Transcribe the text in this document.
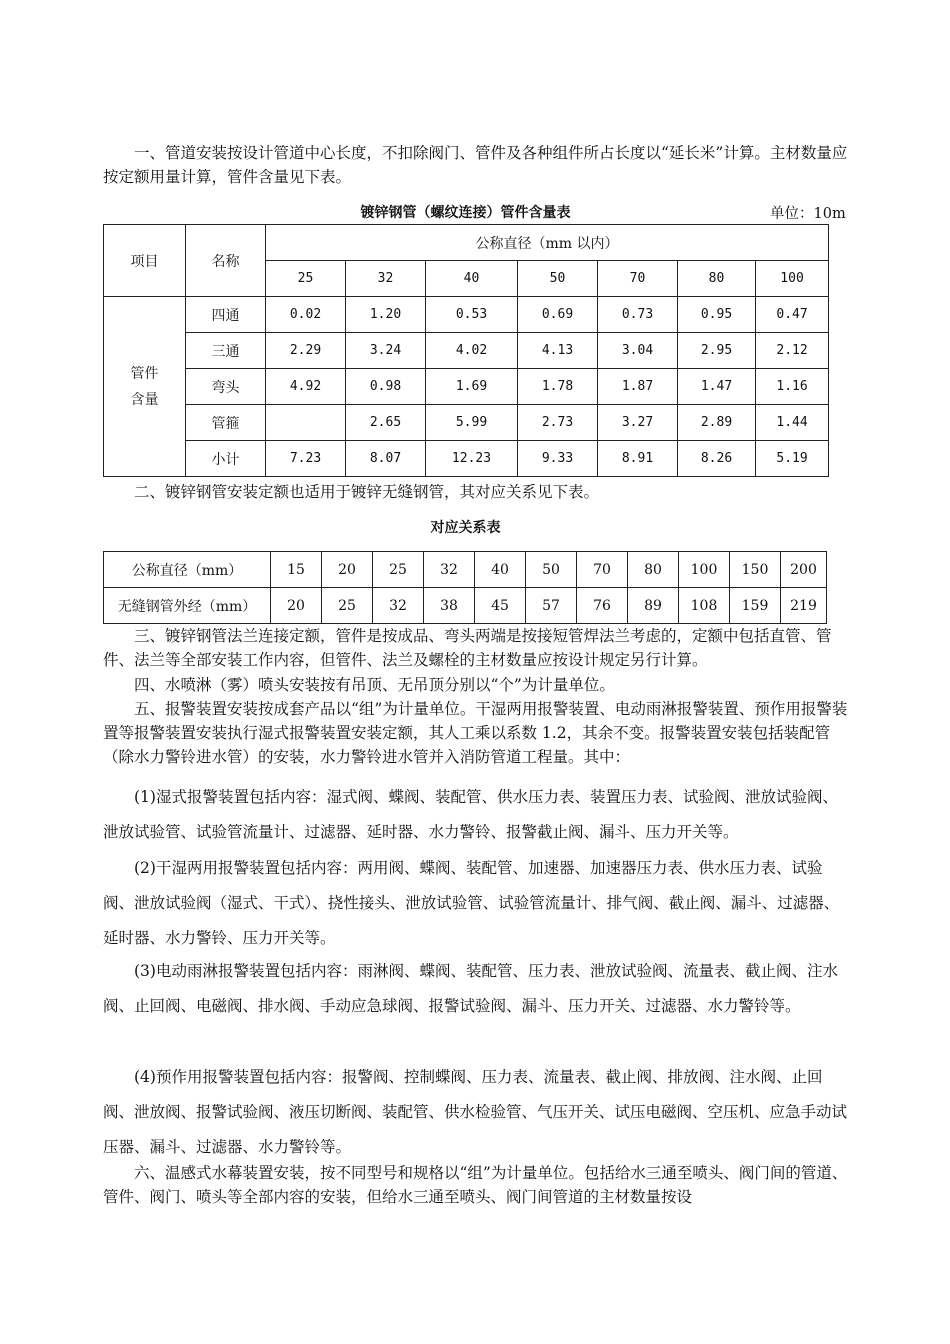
一、管道安装按设计管道中心长度，不扣除阀门、管件及各种组件所占长度以“延长米”计算。主材数量应按定额用量计算，管件含量见下表。

镀锌钢管（螺纹连接）管件含量表	单位：10m
项目	名称	公称直径（mm 以内）						
		25	32	40	50	70	80	100
管件含量	四通	0.02	1.20	0.53	0.69	0.73	0.95	0.47
	三通	2.29	3.24	4.02	4.13	3.04	2.95	2.12
	弯头	4.92	0.98	1.69	1.78	1.87	1.47	1.16
	管箍		2.65	5.99	2.73	3.27	2.89	1.44
	小计	7.23	8.07	12.23	9.33	8.91	8.26	5.19

二、镀锌钢管安装定额也适用于镀锌无缝钢管，其对应关系见下表。

对应关系表
公称直径（mm）	15	20	25	32	40	50	70	80	100	150	200
无缝钢管外经（mm）	20	25	32	38	45	57	76	89	108	159	219

三、镀锌钢管法兰连接定额，管件是按成品、弯头两端是按接短管焊法兰考虑的，定额中包括直管、管件、法兰等全部安装工作内容，但管件、法兰及螺栓的主材数量应按设计规定另行计算。

四、水喷淋（雾）喷头安装按有吊顶、无吊顶分别以“个”为计量单位。

五、报警装置安装按成套产品以“组”为计量单位。干湿两用报警装置、电动雨淋报警装置、预作用报警装置等报警装置安装执行湿式报警装置安装定额，其人工乘以系数 1.2，其余不变。报警装置安装包括装配管（除水力警铃进水管）的安装，水力警铃进水管并入消防管道工程量。其中：

(1)湿式报警装置包括内容：湿式阀、蝶阀、装配管、供水压力表、装置压力表、试验阀、泄放试验阀、泄放试验管、试验管流量计、过滤器、延时器、水力警铃、报警截止阀、漏斗、压力开关等。

(2)干湿两用报警装置包括内容：两用阀、蝶阀、装配管、加速器、加速器压力表、供水压力表、试验阀、泄放试验阀（湿式、干式）、挠性接头、泄放试验管、试验管流量计、排气阀、截止阀、漏斗、过滤器、延时器、水力警铃、压力开关等。

(3)电动雨淋报警装置包括内容：雨淋阀、蝶阀、装配管、压力表、泄放试验阀、流量表、截止阀、注水阀、止回阀、电磁阀、排水阀、手动应急球阀、报警试验阀、漏斗、压力开关、过滤器、水力警铃等。

(4)预作用报警装置包括内容：报警阀、控制蝶阀、压力表、流量表、截止阀、排放阀、注水阀、止回阀、泄放阀、报警试验阀、液压切断阀、装配管、供水检验管、气压开关、试压电磁阀、空压机、应急手动试压器、漏斗、过滤器、水力警铃等。

六、温感式水幕装置安装，按不同型号和规格以“组”为计量单位。包括给水三通至喷头、阀门间的管道、管件、阀门、喷头等全部内容的安装，但给水三通至喷头、阀门间管道的主材数量按设
